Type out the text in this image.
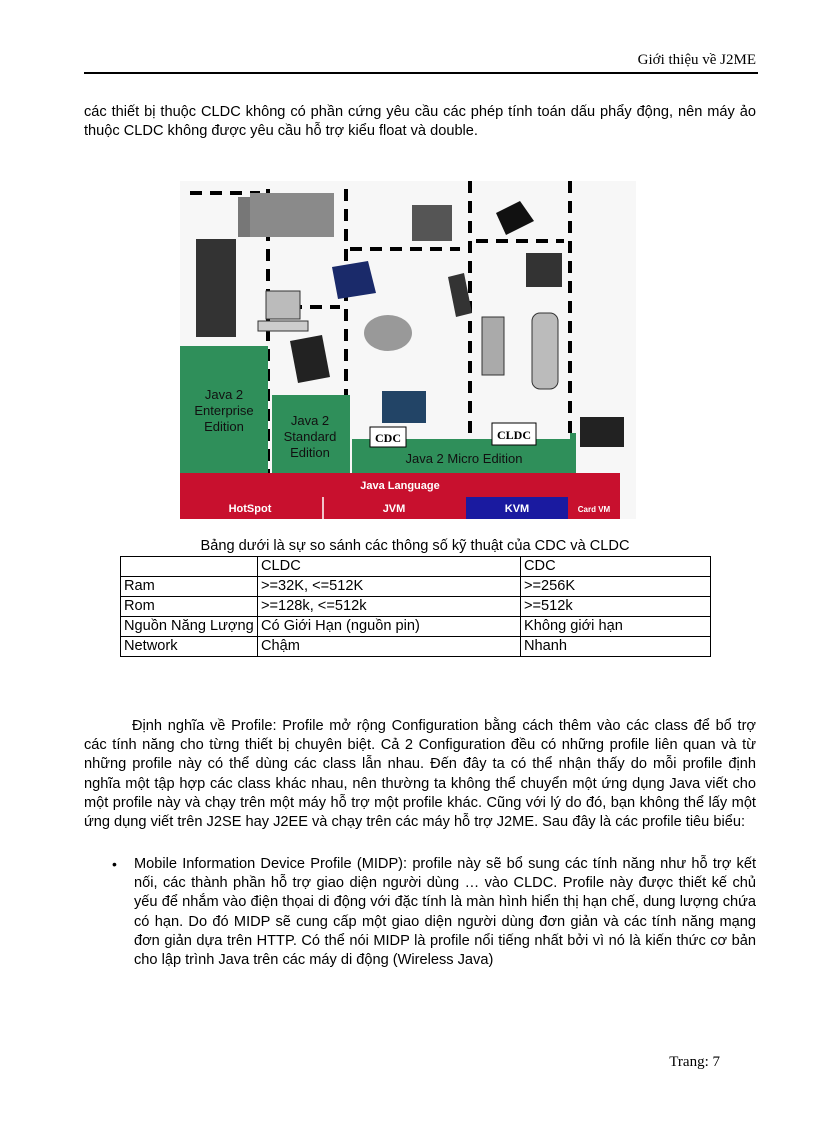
Giới thiệu về J2ME

các thiết bị thuộc CLDC không có phần cứng yêu cầu các phép tính toán dấu phẩy động, nên máy ảo thuộc CLDC không được yêu cầu hỗ trợ kiểu float và double.

Java 2
Enterprise
Edition	Java 2
Standard
Edition	Java 2 Micro Edition
CDC	CLDC
Java Language
HotSpot	JVM	KVM	Card VM
Bảng dưới là sự so sánh các thông số kỹ thuật của CDC và CLDC
	CLDC	CDC
Ram	>=32K, <=512K	>=256K
Rom	>=128k, <=512k	>=512k
Nguồn Năng Lượng	Có Giới Hạn (nguồn pin)	Không giới hạn
Network	Chậm	Nhanh

Định nghĩa về Profile: Profile mở rộng Configuration bằng cách thêm vào các class để bổ trợ các tính năng cho từng thiết bị chuyên biệt. Cả 2 Configuration đều có những profile liên quan và từ những profile này có thể dùng các class lẫn nhau. Đến đây ta có thể nhận thấy do mỗi profile định nghĩa một tập hợp các class khác nhau, nên thường ta không thể chuyển một ứng dụng Java viết cho một profile này và chạy trên một máy hỗ trợ một profile khác. Cũng với lý do đó, bạn không thể lấy một ứng dụng viết trên J2SE hay J2EE và chạy trên các máy hỗ trợ J2ME. Sau đây là các profile tiêu biểu:

• Mobile Information Device Profile (MIDP): profile này sẽ bổ sung các tính năng như hỗ trợ kết nối, các thành phần hỗ trợ giao diện người dùng … vào CLDC. Profile này được thiết kế chủ yếu để nhắm vào điện thọai di động với đặc tính là màn hình hiển thị hạn chế, dung lượng chứa có hạn. Do đó MIDP sẽ cung cấp một giao diện người dùng đơn giản và các tính năng mạng đơn giản dựa trên HTTP. Có thể nói MIDP là profile nổi tiếng nhất bởi vì nó là kiến thức cơ bản cho lập trình Java trên các máy di động (Wireless Java)
Trang: 7
